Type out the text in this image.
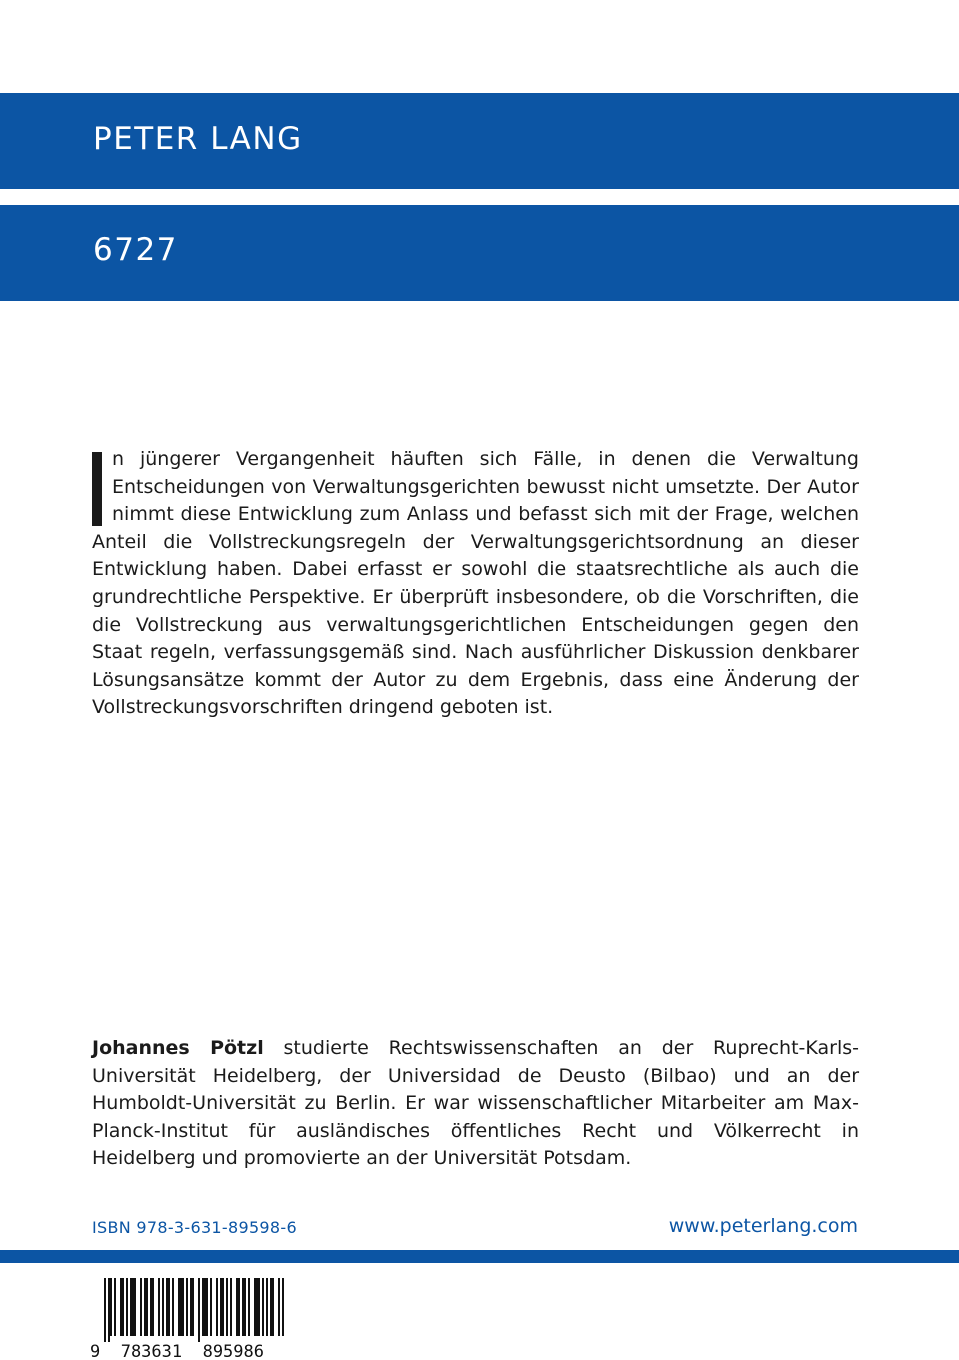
PETER LANG
6727
n jüngerer Vergangenheit häuften sich Fälle, in denen die Verwaltung Entscheidungen von Verwaltungsgerichten bewusst nicht umsetzte. Der Autor nimmt diese Entwicklung zum Anlass und befasst sich mit der Frage, welchen Anteil die Vollstreckungsregeln der Verwaltungsgerichtsordnung an dieser Entwicklung haben. Dabei erfasst er sowohl die staatsrechtliche als auch die grundrechtliche Perspektive. Er überprüft insbesondere, ob die Vorschriften, die die Vollstreckung aus verwaltungsgerichtlichen Entscheidungen gegen den Staat regeln, verfassungsgemäß sind. Nach ausführlicher Diskussion denkbarer Lösungsansätze kommt der Autor zu dem Ergebnis, dass eine Änderung der Vollstreckungsvorschriften dringend geboten ist.
Johannes Pötzl studierte Rechtswissenschaften an der Ruprecht-Karls-Universität Heidelberg, der Universidad de Deusto (Bilbao) und an der Humboldt-Universität zu Berlin. Er war wissenschaftlicher Mitarbeiter am Max-Planck-Institut für ausländisches öffentliches Recht und Völkerrecht in Heidelberg und promovierte an der Universität Potsdam.
ISBN 978-3-631-89598-6	www.peterlang.com
9  783631  895986
